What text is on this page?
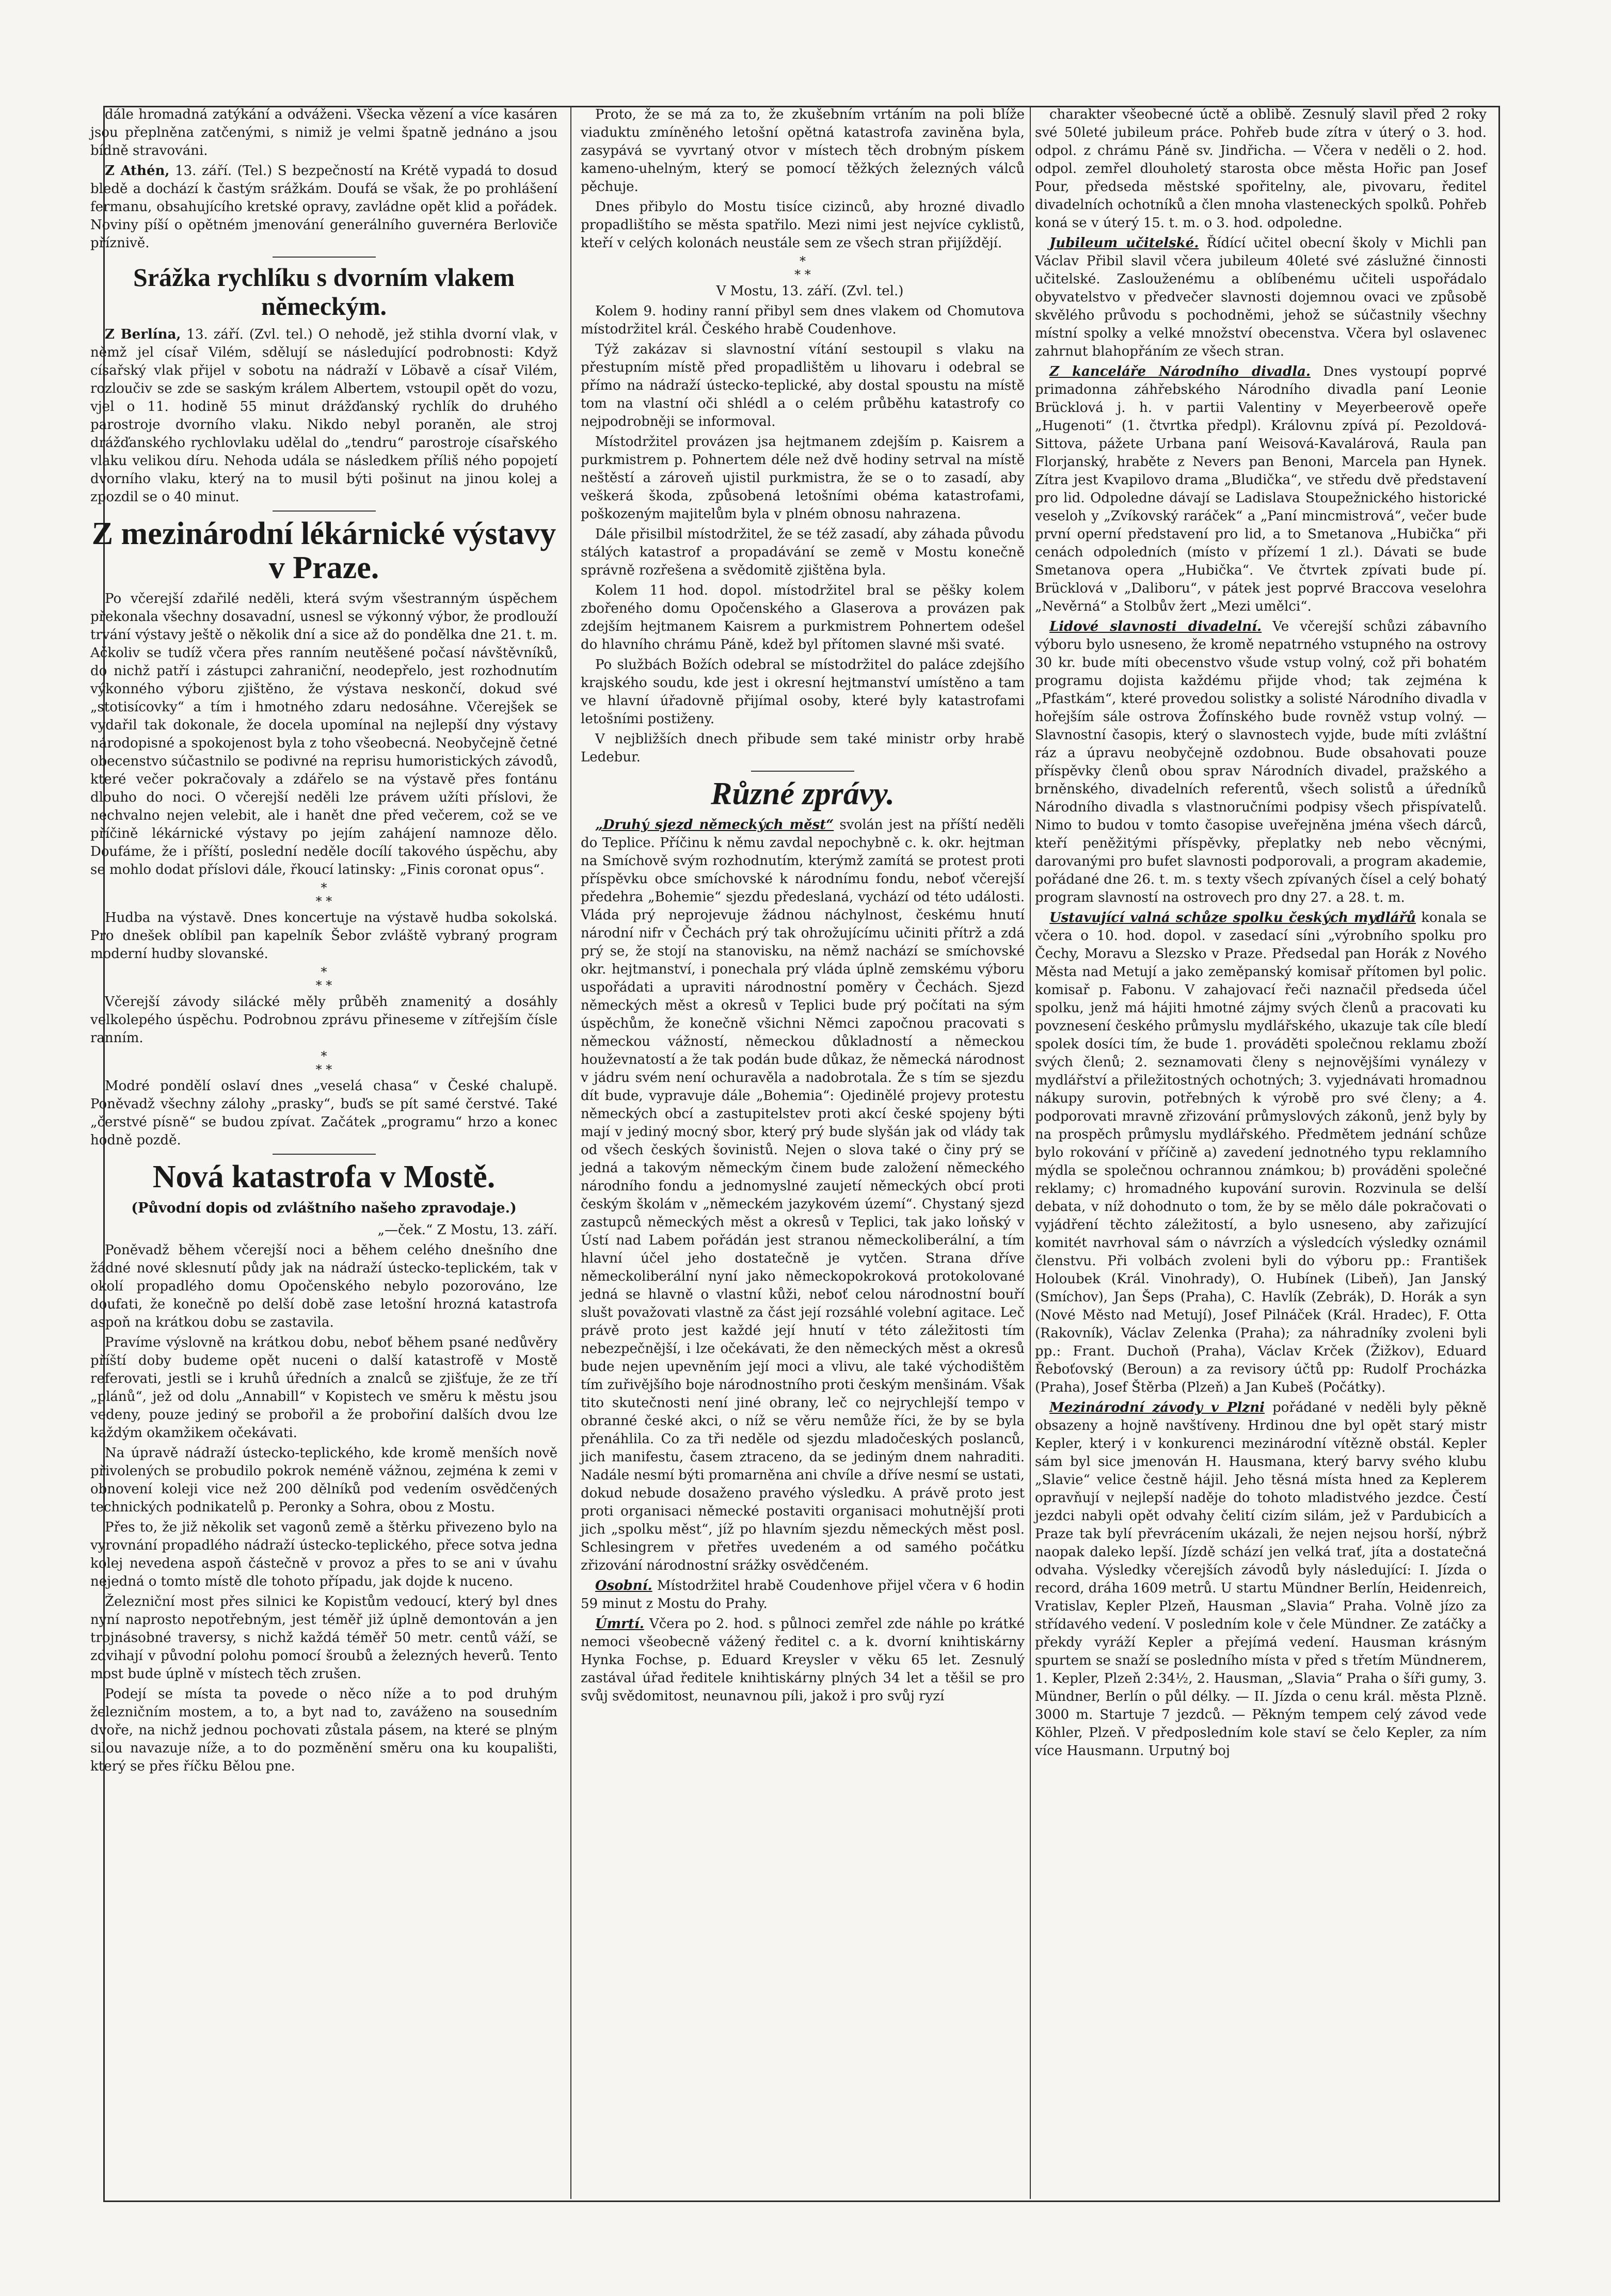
dále hromadná zatýkání a odváženi. Všecka vězení a více kasáren jsou přeplněna zatčenými, s nimiž je velmi špatně jednáno a jsou bídně stravováni.

Z Athén, 13. září. (Tel.) S bezpečností na Krétě vypadá to dosud bledě a dochází k častým srážkám. Doufá se však, že po prohlášení fermanu, obsahujícího kretské opravy, zavládne opět klid a pořádek. Noviny píší o opětném jmenování generálního guvernéra Berloviče příznivě.

Srážka rychlíku s dvorním vlakem německým.

Z Berlína, 13. září. (Zvl. tel.) O nehodě, jež stihla dvorní vlak, v němž jel císař Vilém, sdělují se následující podrobnosti: Když císařský vlak přijel v sobotu na nádraží v Löbavě a císař Vilém, rozloučiv se zde se saským králem Albertem, vstoupil opět do vozu, vjel o 11. hodině 55 minut drážďanský rychlík do druhého parostroje dvorního vlaku. Nikdo nebyl poraněn, ale stroj drážďanského rychlovlaku udělal do „tendru“ parostroje císařského vlaku velikou díru. Nehoda udála se následkem příliš ného popojetí dvorního vlaku, který na to musil býti pošinut na jinou kolej a zpozdil se o 40 minut.

Z mezinárodní lékárnické výstavy v Praze.

Po včerejší zdařilé neděli, která svým všestranným úspěchem překonala všechny dosavadní, usnesl se výkonný výbor, že prodlouží trvání výstavy ještě o několik dní a sice až do pondělka dne 21. t. m. Ačkoliv se tudíž včera přes ranním neutěšené počasí návštěvníků, do nichž patří i zástupci zahraniční, neodepřelo, jest rozhodnutím výkonného výboru zjištěno, že výstava neskončí, dokud své „stotisícovky“ a tím i hmotného zdaru nedosáhne. Včerejšek se vydařil tak dokonale, že docela upomínal na nejlepší dny výstavy národopisné a spokojenost byla z toho všeobecná. Neobyčejně četné obecenstvo súčastnilo se podivné na reprisu humoristických závodů, které večer pokračovaly a zdářelo se na výstavě přes fontánu dlouho do noci. O včerejší neděli lze právem užíti příslovi, že nechvalno nejen velebit, ale i hanět dne před večerem, což se ve příčině lékárnické výstavy po jejím zahájení namnoze dělo. Doufáme, že i příští, poslední neděle docílí takového úspěchu, aby se mohlo dodat příslovi dále, řkoucí latinsky: „Finis coronat opus“.

*
* *

Hudba na výstavě. Dnes koncertuje na výstavě hudba sokolská. Pro dnešek oblíbil pan kapelník Šebor zvláště vybraný program moderní hudby slovanské.

*
* *

Včerejší závody silácké měly průběh znamenitý a dosáhly velkolepého úspěchu. Podrobnou zprávu přineseme v zítřejším čísle ranním.

*
* *

Modré pondělí oslaví dnes „veselá chasa“ v České chalupě. Poněvadž všechny zálohy „prasky“, buďs se pít samé čerstvé. Také „čerstvé písně“ se budou zpívat. Začátek „programu“ hrzo a konec hodně pozdě.

Nová katastrofa v Mostě.
(Původní dopis od zvláštního našeho zpravodaje.)

„—ček.“ Z Mostu, 13. září.

Poněvadž během včerejší noci a během celého dnešního dne žádné nové sklesnutí půdy jak na nádraží ústecko-teplickém, tak v okolí propadlého domu Opočenského nebylo pozorováno, lze doufati, že konečně po delší době zase letošní hrozná katastrofa aspoň na krátkou dobu se zastavila.

Pravíme výslovně na krátkou dobu, neboť během psané nedůvěry příští doby budeme opět nuceni o další katastrofě v Mostě referovati, jestli se i kruhů úředních a znalců se zjišťuje, že ze tří „plánů“, jež od dolu „Annabill“ v Kopistech ve směru k městu jsou vedeny, pouze jediný se probořil a že probořiní dalších dvou lze každým okamžikem očekávati.

Na úpravě nádraží ústecko-teplického, kde kromě menších nově přivolených se probudilo pokrok neméně vážnou, zejména k zemi v obnovení koleji vice než 200 dělníků pod vedením osvědčených technických podnikatelů p. Peronky a Sohra, obou z Mostu.

Přes to, že již několik set vagonů země a štěrku přivezeno bylo na vyrovnání propadlého nádraží ústecko-teplického, přece sotva jedna kolej nevedena aspoň částečně v provoz a přes to se ani v úvahu nejedná o tomto místě dle tohoto případu, jak dojde k nuceno.

Železniční most přes silnici ke Kopistům vedoucí, který byl dnes nyní naprosto nepotřebným, jest téměř již úplně demontován a jen trojnásobné traversy, s nichž každá téměř 50 metr. centů váží, se zdvihají v původní polohu pomocí šroubů a železných heverů. Tento most bude úplně v místech těch zrušen.

Podejí se místa ta povede o něco níže a to pod druhým železničním mostem, a to, a byt nad to, zaváženo na sousedním dvoře, na nichž jednou pochovati zůstala pásem, na které se plným silou navazuje níže, a to do pozměnění směru ona ku koupališti, který se přes říčku Bělou pne.

Proto, že se má za to, že zkušebním vrtáním na poli blíže viaduktu zmíněného letošní opětná katastrofa zaviněna byla, zasypává se vyvrtaný otvor v místech těch drobným pískem kameno-uhelným, který se pomocí těžkých železných válců pěchuje.

Dnes přibylo do Mostu tisíce cizinců, aby hrozné divadlo propadlištího se města spatřilo. Mezi nimi jest nejvíce cyklistů, kteří v celých kolonách neustále sem ze všech stran přijíždějí.

*
* *

V Mostu, 13. září. (Zvl. tel.)

Kolem 9. hodiny ranní přibyl sem dnes vlakem od Chomutova místodržitel král. Českého hrabě Coudenhove.

Týž zakázav si slavnostní vítání sestoupil s vlaku na přestupním místě před propadlištěm u lihovaru i odebral se přímo na nádraží ústecko-teplické, aby dostal spoustu na místě tom na vlastní oči shlédl a o celém průběhu katastrofy co nejpodrobněji se informoval.

Místodržitel provázen jsa hejtmanem zdejším p. Kaisrem a purkmistrem p. Pohnertem déle než dvě hodiny setrval na místě neštěstí a zároveň ujistil purkmistra, že se o to zasadí, aby veškerá škoda, způsobená letošními obéma katastrofami, poškozeným majitelům byla v plném obnosu nahrazena.

Dále přisilbil místodržitel, že se též zasadí, aby záhada původu stálých katastrof a propadávání se země v Mostu konečně správně rozřešena a svědomitě zjištěna byla.

Kolem 11 hod. dopol. místodržitel bral se pěšky kolem zbořeného domu Opočenského a Glaserova a provázen pak zdejším hejtmanem Kaisrem a purkmistrem Pohnertem odešel do hlavního chrámu Páně, kdež byl přítomen slavné mši svaté.

Po službách Božích odebral se místodržitel do paláce zdejšího krajského soudu, kde jest i okresní hejtmanství umístěno a tam ve hlavní úřadovně přijímal osoby, které byly katastrofami letošními postiženy.

V nejbližších dnech přibude sem také ministr orby hrabě Ledebur.

Různé zprávy.

„Druhý sjezd německých měst“ svolán jest na příští neděli do Teplice. Příčinu k němu zavdal nepochybně c. k. okr. hejtman na Smíchově svým rozhodnutím, kterýmž zamítá se protest proti příspěvku obce smíchovské k národnímu fondu, neboť včerejší předehra „Bohemie“ sjezdu předeslaná, vychází od této události. Vláda prý neprojevuje žádnou náchylnost, českému hnutí národní nifr v Čechách prý tak ohrožujícímu učiniti přítrž a zdá prý se, že stojí na stanovisku, na němž nachází se smíchovské okr. hejtmanství, i ponechala prý vláda úplně zemskému výboru uspořádati a upraviti národnostní poměry v Čechách. Sjezd německých měst a okresů v Teplici bude prý počítati na sým úspěchům, že konečně všichni Němci započnou pracovati s německou vážností, německou důkladností a německou houževnatostí a že tak podán bude důkaz, že německá národnost v jádru svém není ochuravěla a nadobrotala. Že s tím se sjezdu dít bude, vypravuje dále „Bohemia“: Ojedinělé projevy protestu německých obcí a zastupitelstev proti akcí české spojeny býti mají v jediný mocný sbor, který prý bude slyšán jak od vlády tak od všech českých šovinistů. Nejen o slova také o činy prý se jedná a takovým německým činem bude založení německého národního fondu a jednomyslné zaujetí německých obcí proti českým školám v „německém jazykovém území“. Chystaný sjezd zastupců německých měst a okresů v Teplici, tak jako loňský v Ústí nad Labem pořádán jest stranou německoliberální, a tím hlavní účel jeho dostatečně je vytčen. Strana dříve německoliberální nyní jako německopokroková protokolované jedná se hlavně o vlastní kůži, neboť celou národnostní bouří slušt považovati vlastně za část její rozsáhlé volební agitace. Leč právě proto jest každé její hnutí v této záležitosti tím nebezpečnější, i lze očekávati, že den německých měst a okresů bude nejen upevněním její moci a vlivu, ale také východištěm tím zuřivějšího boje národnostního proti českým menšinám. Však tito skutečnosti není jiné obrany, leč co nejrychlejší tempo v obranné české akci, o níž se věru nemůže říci, že by se byla přenáhlila. Co za tři neděle od sjezdu mladočeských poslanců, jich manifestu, časem ztraceno, da se jediným dnem nahraditi. Nadále nesmí býti promarněna ani chvíle a dříve nesmí se ustati, dokud nebude dosaženo pravého výsledku. A právě proto jest proti organisaci německé postaviti organisaci mohutnější proti jich „spolku měst“, jíž po hlavním sjezdu německých měst posl. Schlesingrem v přetřes uvedeném a od samého počátku zřizování národnostní srážky osvědčeném.

Osobní. Místodržitel hrabě Coudenhove přijel včera v 6 hodin 59 minut z Mostu do Prahy.

Úmrtí. Včera po 2. hod. s půlnoci zemřel zde náhle po krátké nemoci všeobecně vážený ředitel c. a k. dvorní knihtiskárny Hynka Fochse, p. Eduard Kreysler v věku 65 let. Zesnulý zastával úřad ředitele knihtiskárny plných 34 let a těšil se pro svůj svědomitost, neunavnou píli, jakož i pro svůj ryzí

charakter všeobecné úctě a oblibě. Zesnulý slavil před 2 roky své 50leté jubileum práce. Pohřeb bude zítra v úterý o 3. hod. odpol. z chrámu Páně sv. Jindřicha. — Včera v neděli o 2. hod. odpol. zemřel dlouholetý starosta obce města Hořic pan Josef Pour, předseda městské spořitelny, ale, pivovaru, ředitel divadelních ochotníků a člen mnoha vlasteneckých spolků. Pohřeb koná se v úterý 15. t. m. o 3. hod. odpoledne.

Jubileum učitelské. Řídící učitel obecní školy v Michli pan Václav Přibil slavil včera jubileum 40leté své záslužné činnosti učitelské. Zaslouženému a oblíbenému učiteli uspořádalo obyvatelstvo v předvečer slavnosti dojemnou ovaci ve způsobě skvělého průvodu s pochodněmi, jehož se súčastnily všechny místní spolky a velké množství obecenstva. Včera byl oslavenec zahrnut blahopřáním ze všech stran.

Z kanceláře Národního divadla. Dnes vystoupí poprvé primadonna záhřebského Národního divadla paní Leonie Brücklová j. h. v partii Valentiny v Meyerbeerově opeře „Hugenoti“ (1. čtvrtka předpl). Královnu zpívá pí. Pezoldová-Sittova, pážete Urbana paní Weisová-Kavalárová, Raula pan Florjanský, hraběte z Nevers pan Benoni, Marcela pan Hynek. Zítra jest Kvapilovo drama „Bludička“, ve středu dvě představení pro lid. Odpoledne dávají se Ladislava Stoupežnického historické veseloh y „Zvíkovský raráček“ a „Paní mincmistrová“, večer bude první operní představení pro lid, a to Smetanova „Hubička“ při cenách odpoledních (místo v přízemí 1 zl.). Dávati se bude Smetanova opera „Hubička“. Ve čtvrtek zpívati bude pí. Brücklová v „Daliboru“, v pátek jest poprvé Braccova veselohra „Nevěrná“ a Stolbův žert „Mezi umělci“.

Lidové slavnosti divadelní. Ve včerejší schůzi zábavního výboru bylo usneseno, že kromě nepatrného vstupného na ostrovy 30 kr. bude míti obecenstvo všude vstup volný, což při bohatém programu dojista každému přijde vhod; tak zejména k „Pfastkám“, které provedou solistky a solisté Národního divadla v hořejším sále ostrova Žofínského bude rovněž vstup volný. — Slavnostní časopis, který o slavnostech vyjde, bude míti zvláštní ráz a úpravu neobyčejně ozdobnou. Bude obsahovati pouze příspěvky členů obou sprav Národních divadel, pražského a brněnského, divadelních referentů, všech solistů a úředníků Národního divadla s vlastnoručními podpisy všech přispívatelů. Nimo to budou v tomto časopise uveřejněna jména všech dárců, kteří peněžitými příspěvky, přeplatky neb nebo věcnými, darovanými pro bufet slavnosti podporovali, a program akademie, pořádané dne 26. t. m. s texty všech zpívaných čísel a celý bohatý program slavností na ostrovech pro dny 27. a 28. t. m.

Ustavující valná schůze spolku českých mydlářů konala se včera o 10. hod. dopol. v zasedací síni „výrobního spolku pro Čechy, Moravu a Slezsko v Praze. Předsedal pan Horák z Nového Města nad Metují a jako zeměpanský komisař přítomen byl polic. komisař p. Fabonu. V zahajovací řeči naznačil předseda účel spolku, jenž má hájiti hmotné zájmy svých členů a pracovati ku povznesení českého průmyslu mydlářského, ukazuje tak cíle bledí spolek dosíci tím, že bude 1. prováděti společnou reklamu zboží svých členů; 2. seznamovati členy s nejnovějšími vynálezy v mydlářství a přiležitostných ochotných; 3. vyjednávati hromadnou nákupy surovin, potřebných k výrobě pro své členy; a 4. podporovati mravně zřizování průmyslových zákonů, jenž byly by na prospěch průmyslu mydlářského. Předmětem jednání schůze bylo rokování v příčině a) zavedení jednotného typu reklamního mýdla se společnou ochrannou známkou; b) prováděni společné reklamy; c) hromadného kupování surovin. Rozvinula se delší debata, v níž dohodnuto o tom, že by se mělo dále pokračovati o vyjádření těchto záležitostí, a bylo usneseno, aby zařizující komitét navrhoval sám o návrzích a výsledcích výsledky oznámil členstvu. Při volbách zvoleni byli do výboru pp.: František Holoubek (Král. Vinohrady), O. Hubínek (Libeň), Jan Janský (Smíchov), Jan Šeps (Praha), C. Havlík (Zebrák), D. Horák a syn (Nové Město nad Metují), Josef Pilnáček (Král. Hradec), F. Otta (Rakovník), Václav Zelenka (Praha); za náhradníky zvoleni byli pp.: Frant. Duchoň (Praha), Václav Krček (Žižkov), Eduard Řeboťovský (Beroun) a za revisory účtů pp: Rudolf Procházka (Praha), Josef Štěrba (Plzeň) a Jan Kubeš (Počátky).

Mezinárodní závody v Plzni pořádané v neděli byly pěkně obsazeny a hojně navštíveny. Hrdinou dne byl opět starý mistr Kepler, který i v konkurenci mezinárodní vítězně obstál. Kepler sám byl sice jmenován H. Hausmana, který barvy svého klubu „Slavie“ velice čestně hájil. Jeho těsná místa hned za Keplerem opravňují v nejlepší naděje do tohoto mladistvého jezdce. Čestí jezdci nabyli opět odvahy čelití cizím silám, jež v Pardubicích a Praze tak bylí převrácením ukázali, že nejen nejsou horší, nýbrž naopak daleko lepší. Jízdě schází jen velká trať, jíta a dostatečná odvaha. Výsledky včerejších závodů byly následující: I. Jízda o record, dráha 1609 metrů. U startu Mündner Berlín, Heidenreich, Vratislav, Kepler Plzeň, Hausman „Slavia“ Praha. Volně jízo za střídavého vedení. V posledním kole v čele Mündner. Ze zatáčky a překdy vyráží Kepler a přejímá vedení. Hausman krásným spurtem se snaží se posledního místa v před s třetím Mündnerem, 1. Kepler, Plzeň 2:34½, 2. Hausman, „Slavia“ Praha o šíři gumy, 3. Mündner, Berlín o půl délky. — II. Jízda o cenu král. města Plzně. 3000 m. Startuje 7 jezdců. — Pěkným tempem celý závod vede Köhler, Plzeň. V předposledním kole staví se čelo Kepler, za ním více Hausmann. Urputný boj
